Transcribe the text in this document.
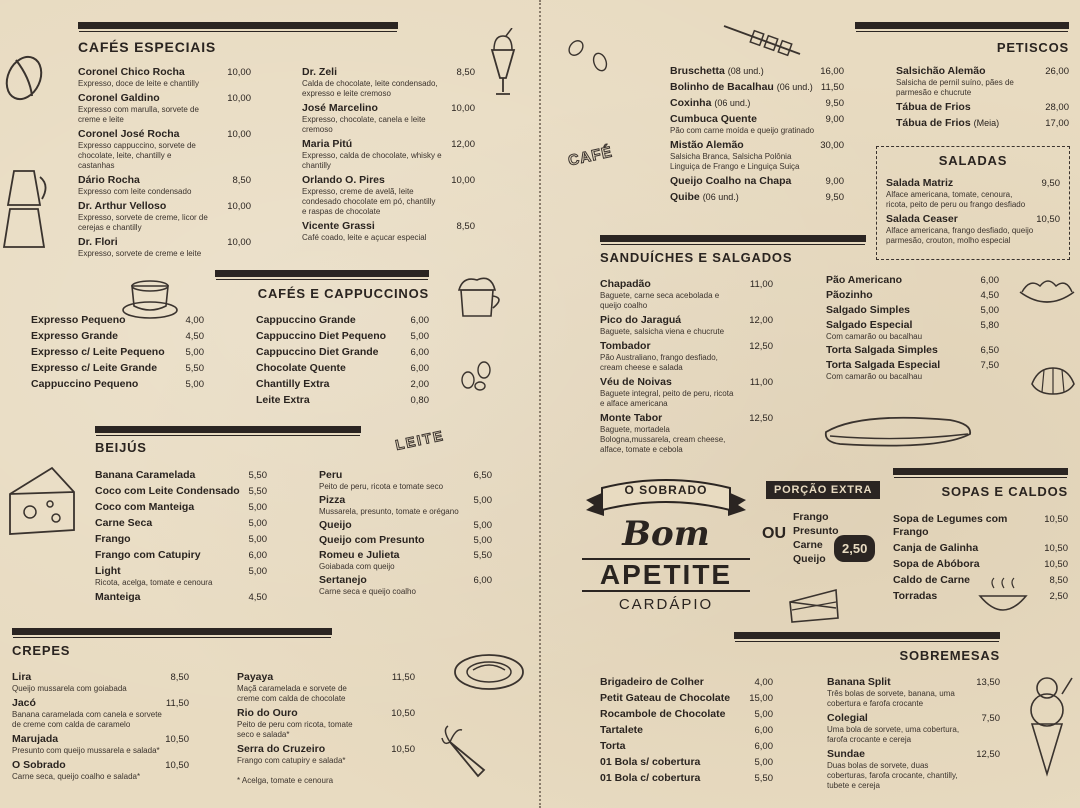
CAFÉS ESPECIAIS
Coronel Chico Rocha	10,00
Expresso, doce de leite e chantilly
Coronel Galdino	10,00
Expresso com marulla, sorvete de creme e leite
Coronel José Rocha	10,00
Expresso cappuccino, sorvete de chocolate, leite, chantilly e castanhas
Dário Rocha	8,50
Expresso com leite condensado
Dr. Arthur Velloso	10,00
Expresso, sorvete de creme, licor de cerejas e chantilly
Dr. Flori	10,00
Expresso, sorvete de creme e leite
Dr. Zeli	8,50
Calda de chocolate, leite condensado, expresso e leite cremoso
José Marcelino	10,00
Expresso, chocolate, canela e leite cremoso
Maria Pitú	12,00
Expresso, calda de chocolate, whisky e chantilly
Orlando O. Pires	10,00
Expresso, creme de avelã, leite condesado chocolate em pó, chantilly e raspas de chocolate
Vicente Grassi	8,50
Café coado, leite e açucar especial
CAFÉS E CAPPUCCINOS
Expresso Pequeno	4,00
Expresso Grande	4,50
Expresso c/ Leite Pequeno 5,00
Expresso c/ Leite Grande	5,50
Cappuccino Pequeno	5,00
Cappuccino Grande	6,00
Cappuccino Diet Pequeno	5,00
Cappuccino Diet Grande	6,00
Chocolate Quente	6,00
Chantilly Extra	2,00
Leite Extra	0,80
BEIJÚS	LEITE
Banana Caramelada	5,50
Coco com Leite Condensado 5,50
Coco com Manteiga	5,00
Carne Seca	5,00
Frango	5,00
Frango com Catupiry	6,00
Light	5,00
Ricota, acelga, tomate e cenoura
Manteiga	4,50
Peru	6,50
Peito de peru, ricota e tomate seco
Pizza	5,00
Mussarela, presunto, tomate e orégano
Queijo	5,00
Queijo com Presunto	5,00
Romeu e Julieta	5,50
Goiabada com queijo
Sertanejo	6,00
Carne seca e queijo coalho
CREPES
Lira	8,50
Queijo mussarela com goiabada
Jacó	11,50
Banana caramelada com canela e sorvete de creme com calda de caramelo
Marujada	10,50
Presunto com queijo mussarela e salada*
O Sobrado	10,50
Carne seca, queijo coalho e salada*
Payaya	11,50
Maçã caramelada e sorvete de creme com calda de chocolate
Rio do Ouro	10,50
Peito de peru com ricota, tomate seco e salada*
Serra do Cruzeiro	10,50
Frango com catupiry e salada*
* Acelga, tomate e cenoura
PETISCOS
Bruschetta (08 und.)	16,00
Bolinho de Bacalhau (06 und.) 11,50
Coxinha (06 und.)	9,50
Cumbuca Quente	9,00
Pão com carne moída e queijo gratinado
Mistão Alemão	30,00
Salsicha Branca, Salsicha Polônia Linguiça de Frango e Linguiça Suiça
Queijo Coalho na Chapa	9,00
Quibe (06 und.)	9,50
Salsichão Alemão	26,00
Salsicha de pernil suíno, pães de parmesão e chucrute
Tábua de Frios	28,00
Tábua de Frios (Meia)	17,00
CAFÉ	SALADAS
Salada Matriz	9,50
Alface americana, tomate, cenoura, ricota, peito de peru ou frango desfiado
Salada Ceaser	10,50
Alface americana, frango desfiado, queijo parmesão, crouton, molho especial
SANDUÍCHES E SALGADOS
Chapadão	11,00
Baguete, carne seca acebolada e queijo coalho
Pico do Jaraguá	12,00
Baguete, salsicha viena e chucrute
Tombador	12,50
Pão Australiano, frango desfiado, cream cheese e salada
Véu de Noivas	11,00
Baguete integral, peito de peru, ricota e alface americana
Monte Tabor	12,50
Baguete, mortadela Bologna,mussarela, cream cheese, alface, tomate e cebola
Pão Americano	6,00
Pãozinho	4,50
Salgado Simples	5,00
Salgado Especial	5,80
Com camarão ou bacalhau
Torta Salgada Simples	6,50
Torta Salgada Especial	7,50
Com camarão ou bacalhau
O SOBRADO
Bom
APETITE
CARDÁPIO
PORÇÃO EXTRA
OU
Frango
Presunto
Carne
Queijo
2,50
SOPAS E CALDOS
Sopa de Legumes com Frango
10,50
Canja de Galinha	10,50
Sopa de Abóbora	10,50
Caldo de Carne	8,50
Torradas	2,50
SOBREMESAS
Brigadeiro de Colher	4,00
Petit Gateau de Chocolate 15,00
Rocambole de Chocolate	5,00
Tartalete	6,00
Torta	6,00
01 Bola s/ cobertura	5,00
01 Bola c/ cobertura	5,50
Banana Split	13,50
Três bolas de sorvete, banana, uma cobertura e farofa crocante
Colegial	7,50
Uma bola de sorvete, uma cobertura, farofa crocante e cereja
Sundae	12,50
Duas bolas de sorvete, duas coberturas, farofa crocante, chantilly, tubete e cereja
